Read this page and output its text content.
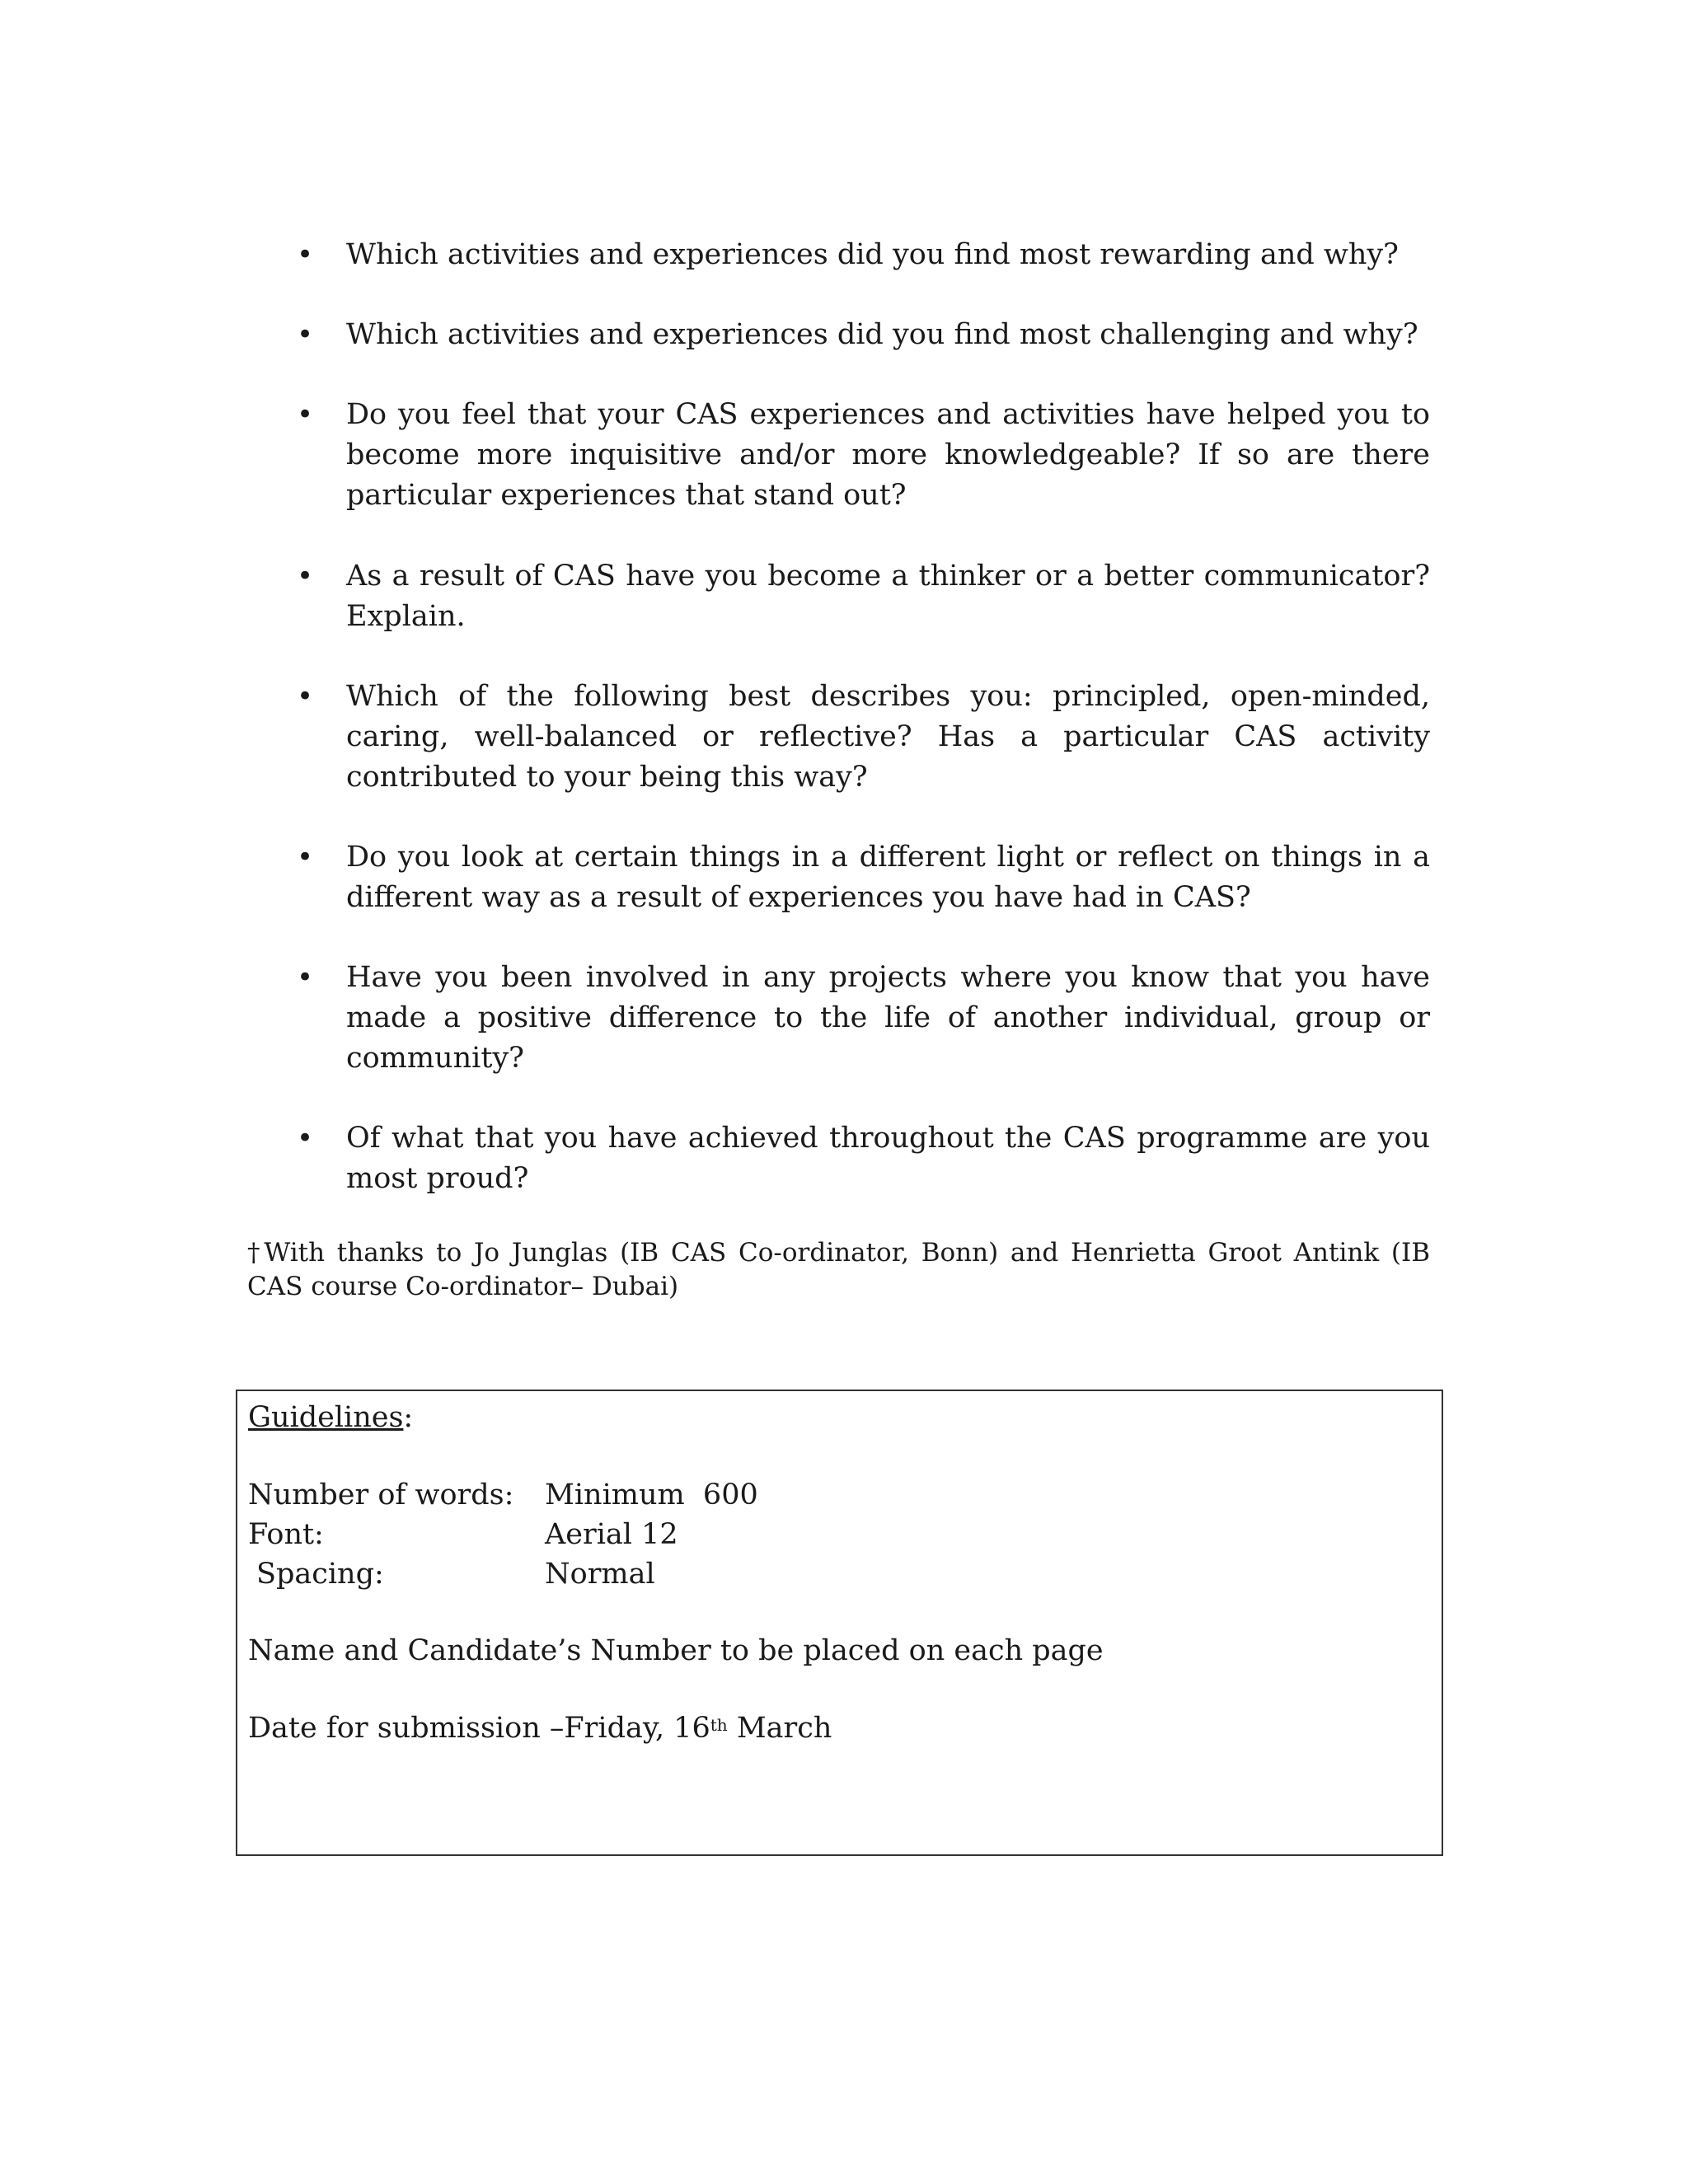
• Which activities and experiences did you find most rewarding and why?
• Which activities and experiences did you find most challenging and why?
• Do you feel that your CAS experiences and activities have helped you to become more inquisitive and/or more knowledgeable? If so are there particular experiences that stand out?
• As a result of CAS have you become a thinker or a better communicator? Explain.
• Which of the following best describes you: principled, open-minded, caring, well-balanced or reflective? Has a particular CAS activity contributed to your being this way?
• Do you look at certain things in a different light or reflect on things in a different way as a result of experiences you have had in CAS?
• Have you been involved in any projects where you know that you have made a positive difference to the life of another individual, group or community?
• Of what that you have achieved throughout the CAS programme are you most proud?

†With thanks to Jo Junglas (IB CAS Co-ordinator, Bonn) and Henrietta Groot Antink (IB CAS course Co-ordinator– Dubai)

Guidelines:
Number of words: Minimum  600
Font:	Aerial 12
Spacing:	Normal
Name and Candidate’s Number to be placed on each page
Date for submission –Friday, 16th March
